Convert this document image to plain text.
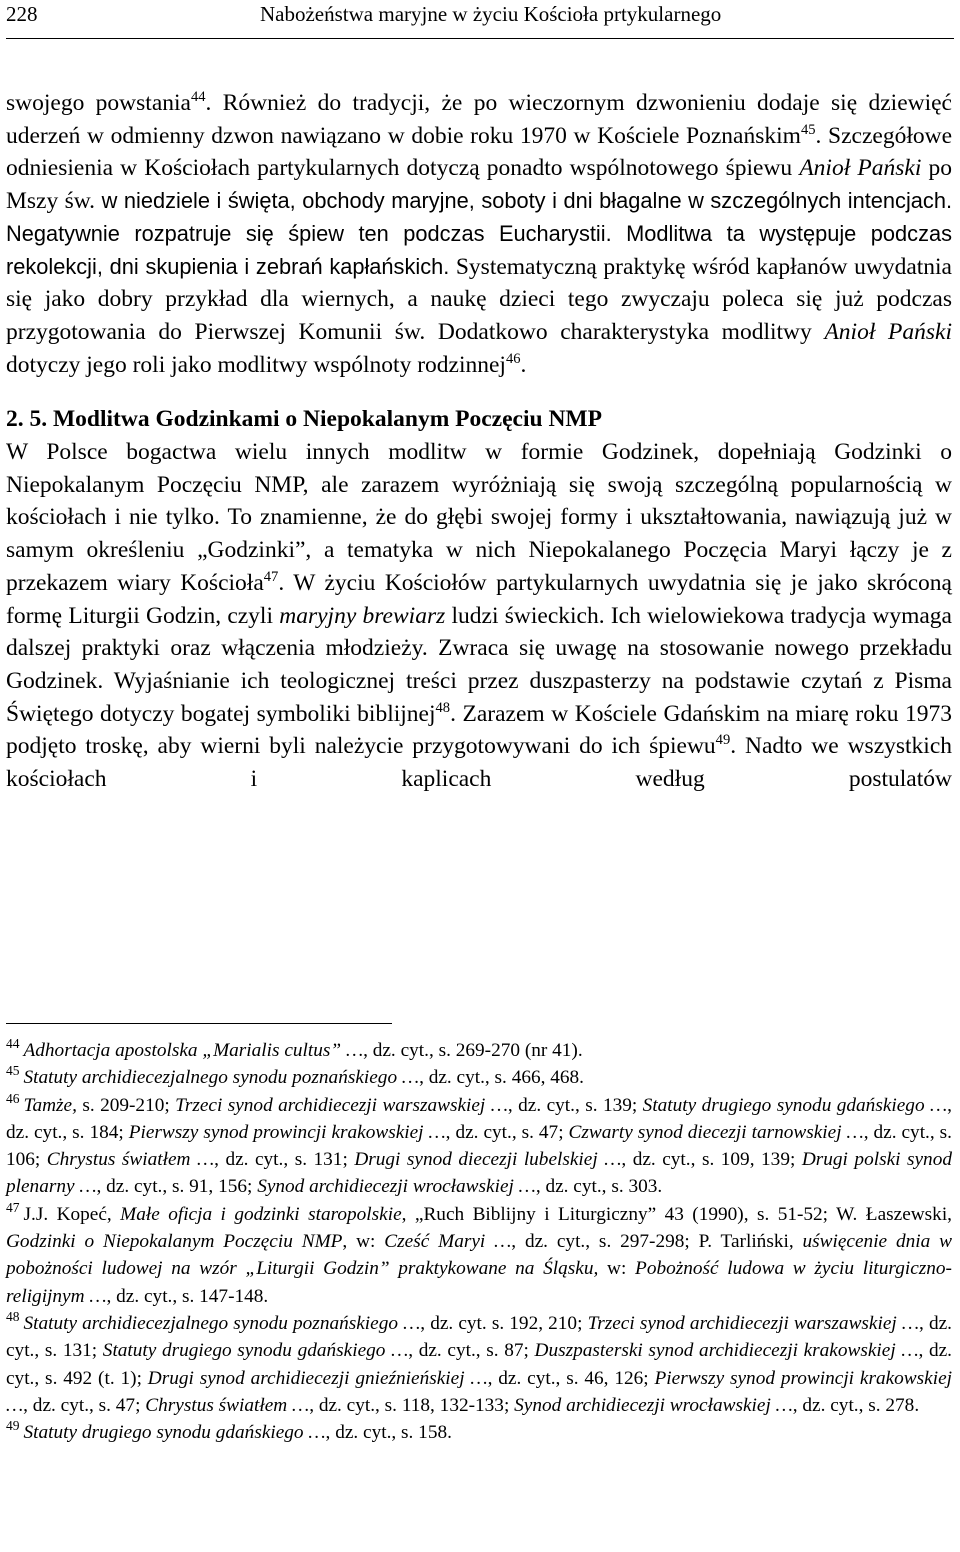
228	Nabożeństwa maryjne w życiu Kościoła prtykularnego

swojego powstania$^{44}$. Również do tradycji, że po wieczornym dzwonieniu dodaje się dziewięć uderzeń w odmienny dzwon nawiązano w dobie roku 1970 w Kościele Poznańskim$^{45}$. Szczegółowe odniesienia w Kościołach partykularnych dotyczą ponadto wspólnotowego śpiewu Anioł Pański po Mszy św. w niedziele i święta, obchody maryjne, soboty i dni błagalne w szczególnych intencjach. Negatywnie rozpatruje się śpiew ten podczas Eucharystii. Modlitwa ta występuje podczas rekolekcji, dni skupienia i zebrań kapłańskich. Systematyczną praktykę wśród kapłanów uwydatnia się jako dobry przykład dla wiernych, a naukę dzieci tego zwyczaju poleca się już podczas przygotowania do Pierwszej Komunii św. Dodatkowo charakterystyka modlitwy Anioł Pański dotyczy jego roli jako modlitwy wspólnoty rodzinnej$^{46}$.

2. 5. Modlitwa Godzinkami o Niepokalanym Poczęciu NMP

W Polsce bogactwa wielu innych modlitw w formie Godzinek, dopełniają Godzinki o Niepokalanym Poczęciu NMP, ale zarazem wyróżniają się swoją szczególną popularnością w kościołach i nie tylko. To znamienne, że do głębi swojej formy i ukształtowania, nawiązują już w samym określeniu „Godzinki”, a tematyka w nich Niepokalanego Poczęcia Maryi łączy je z przekazem wiary Kościoła$^{47}$. W życiu Kościołów partykularnych uwydatnia się je jako skróconą formę Liturgii Godzin, czyli maryjny brewiarz ludzi świeckich. Ich wielowiekowa tradycja wymaga dalszej praktyki oraz włączenia młodzieży. Zwraca się uwagę na stosowanie nowego przekładu Godzinek. Wyjaśnianie ich teologicznej treści przez duszpasterzy na podstawie czytań z Pisma Świętego dotyczy bogatej symboliki biblijnej$^{48}$. Zarazem w Kościele Gdańskim na miarę roku 1973 podjęto troskę, aby wierni byli należycie przygotowywani do ich śpiewu$^{49}$. Nadto we wszystkich kościołach i kaplicach według postulatów

$^{44}$ Adhortacja apostolska „Marialis cultus” …, dz. cyt., s. 269-270 (nr 41).

$^{45}$ Statuty archidiecezjalnego synodu poznańskiego …, dz. cyt., s. 466, 468.

$^{46}$ Tamże, s. 209-210; Trzeci synod archidiecezji warszawskiej …, dz. cyt., s. 139; Statuty drugiego synodu gdańskiego …, dz. cyt., s. 184; Pierwszy synod prowincji krakowskiej …, dz. cyt., s. 47; Czwarty synod diecezji tarnowskiej …, dz. cyt., s. 106; Chrystus światłem …, dz. cyt., s. 131; Drugi synod diecezji lubelskiej …, dz. cyt., s. 109, 139; Drugi polski synod plenarny …, dz. cyt., s. 91, 156; Synod archidiecezji wrocławskiej …, dz. cyt., s. 303.

$^{47}$ J.J. Kopeć, Małe oficja i godzinki staropolskie, „Ruch Biblijny i Liturgiczny” 43 (1990), s. 51-52; W. Łaszewski, Godzinki o Niepokalanym Poczęciu NMP, w: Cześć Maryi …, dz. cyt., s. 297-298; P. Tarliński, uświęcenie dnia w pobożności ludowej na wzór „Liturgii Godzin” praktykowane na Śląsku, w: Pobożność ludowa w życiu liturgiczno-religijnym …, dz. cyt., s. 147-148.

$^{48}$ Statuty archidiecezjalnego synodu poznańskiego …, dz. cyt. s. 192, 210; Trzeci synod archidiecezji warszawskiej …, dz. cyt., s. 131; Statuty drugiego synodu gdańskiego …, dz. cyt., s. 87; Duszpasterski synod archidiecezji krakowskiej …, dz. cyt., s. 492 (t. 1); Drugi synod archidiecezji gnieźnieńskiej …, dz. cyt., s. 46, 126; Pierwszy synod prowincji krakowskiej …, dz. cyt., s. 47; Chrystus światłem …, dz. cyt., s. 118, 132-133; Synod archidiecezji wrocławskiej …, dz. cyt., s. 278.

$^{49}$ Statuty drugiego synodu gdańskiego …, dz. cyt., s. 158.
